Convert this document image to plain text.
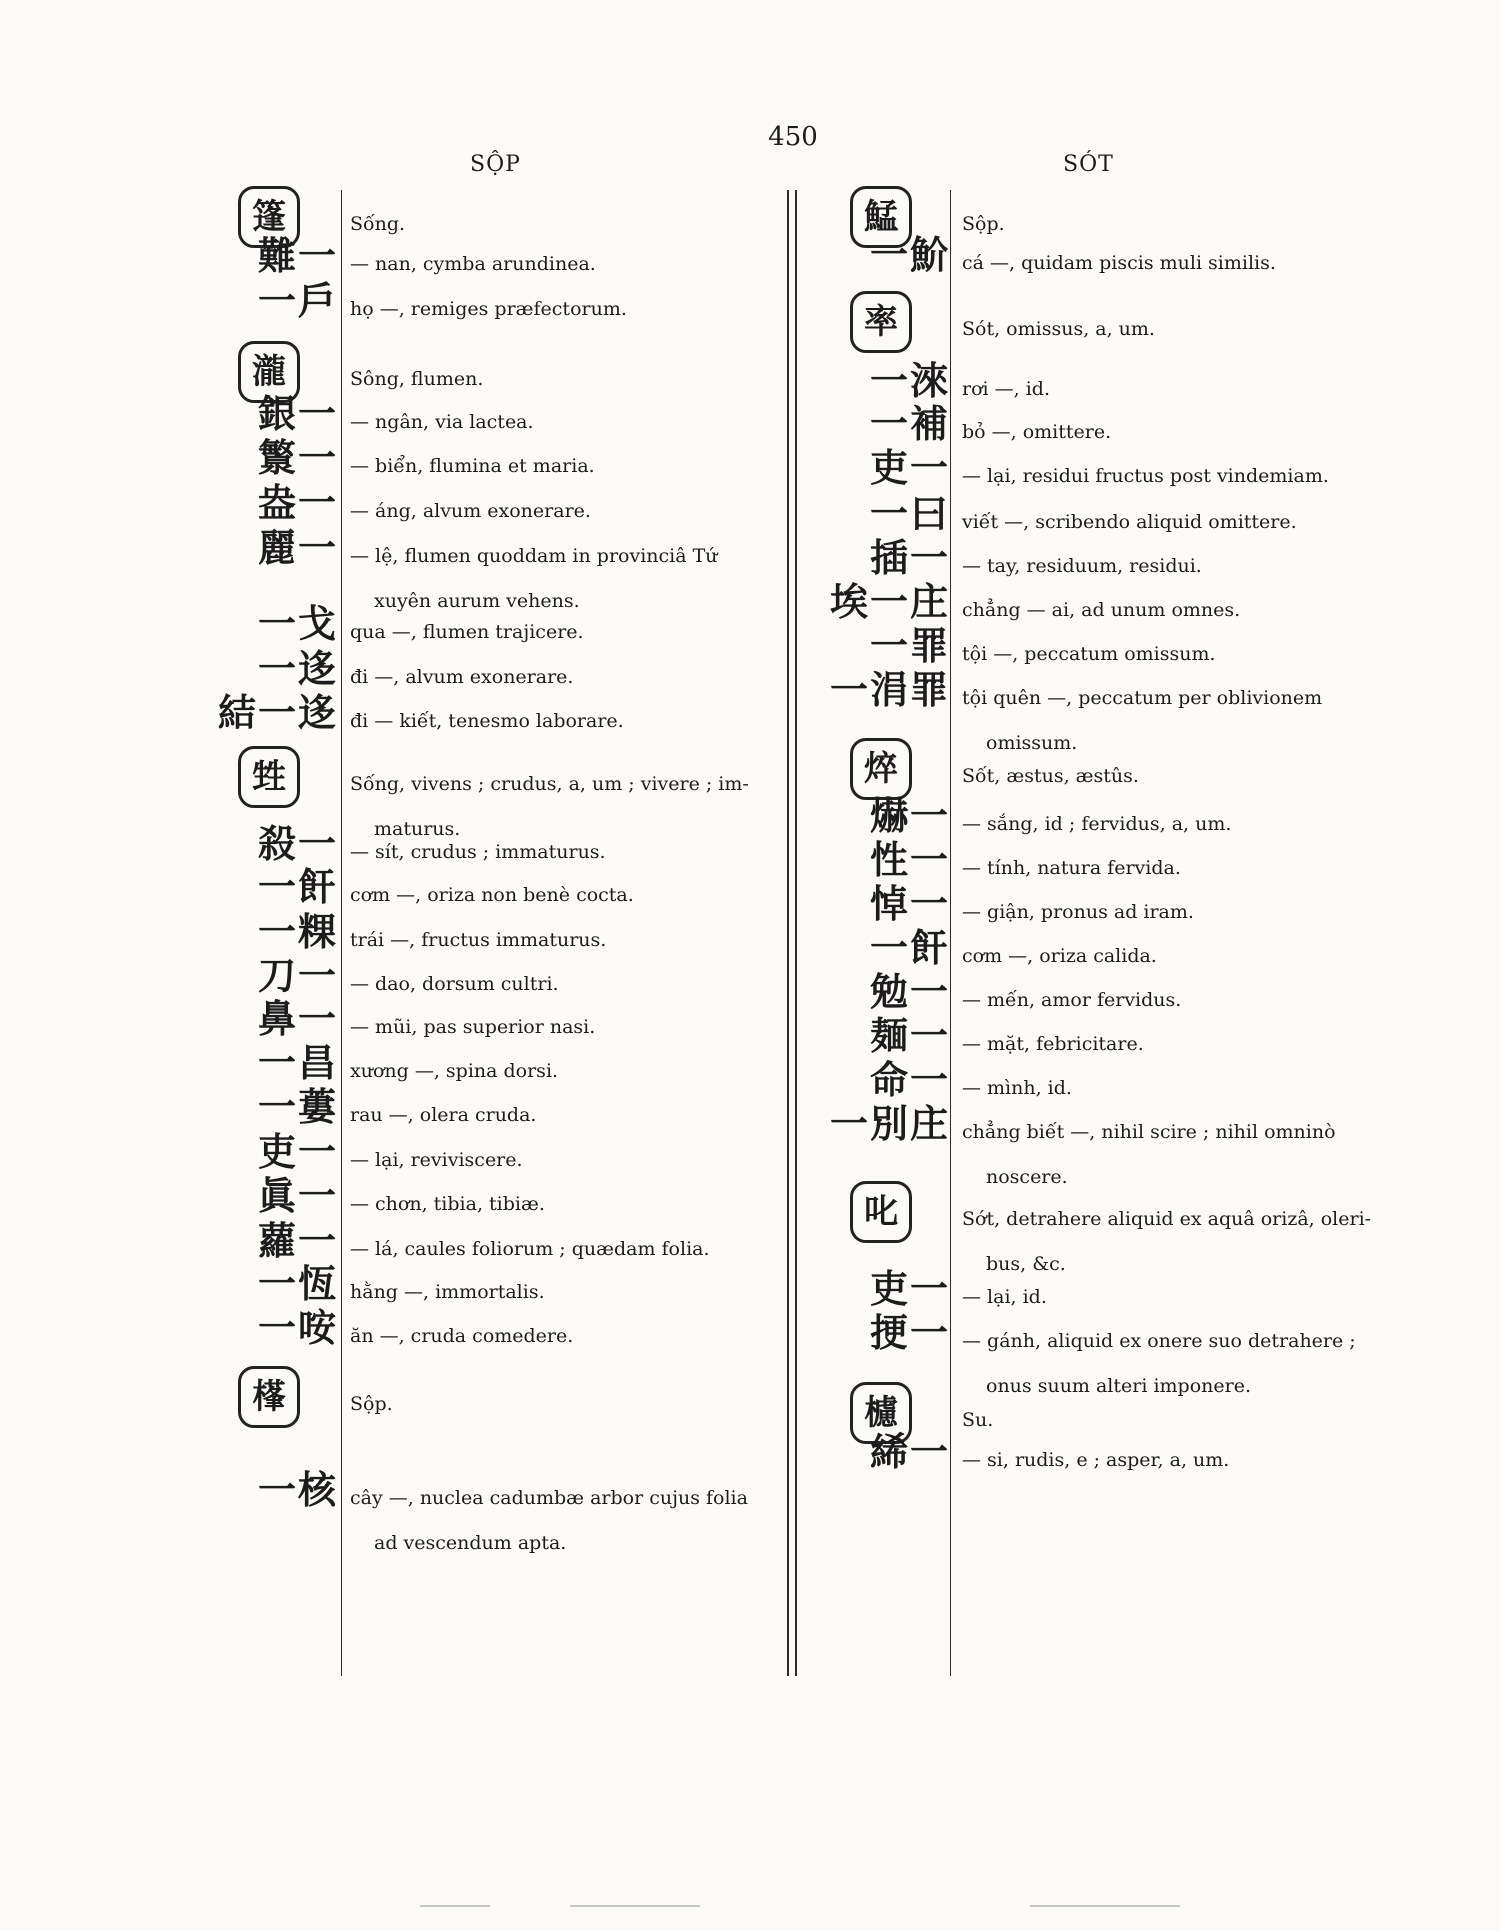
450
SỘP	SÓT
篷	Sống.
難一 — nan, cymba arundinea.
一戶 họ —, remiges præfectorum.
瀧	Sông, flumen.
銀一 — ngân, via lactea.
瀪一 — biển, flumina et maria.
盎一 — áng, alvum exonerare.
麗一 — lệ, flumen quoddam in provinciâ Tứ
xuyên aurum vehens.
一戈 qua —, flumen trajicere.
一迻 đi —, alvum exonerare.
結一迻 đi — kiết, tenesmo laborare.
甡	Sống, vivens ; crudus, a, um ; vivere ; im-
maturus.
殺一 — sít, crudus ; immaturus.
一飦 cơm —, oriza non benè cocta.
一粿 trái —, fructus immaturus.
刀一 — dao, dorsum cultri.
鼻一 — mũi, pas superior nasi.
一昌 xương —, spina dorsi.
一蔞 rau —, olera cruda.
吏一 — lại, reviviscere.
眞一 — chơn, tibia, tibiæ.
蘿一 — lá, caules foliorum ; quædam folia.
一恆 hằng —, immortalis.
一咹 ăn —, cruda comedere.
樥	Sộp.
一核 cây —, nuclea cadumbæ arbor cujus folia
ad vescendum apta.
鯭	Sộp.
一魪 cá —, quidam piscis muli similis.
率	Sót, omissus, a, um.
一淶 rơi —, id.
一補 bỏ —, omittere.
吏一 — lại, residui fructus post vindemiam.
一曰 viết —, scribendo aliquid omittere.
插一 — tay, residuum, residui.
埃一庄 chẳng — ai, ad unum omnes.
一罪 tội —, peccatum omissum.
一涓罪 tội quên —, peccatum per oblivionem
omissum.
焠	Sốt, æstus, æstûs.
爀一 — sắng, id ; fervidus, a, um.
性一 — tính, natura fervida.
悼一 — giận, pronus ad iram.
一飦 cơm —, oriza calida.
勉一 — mến, amor fervidus.
麺一 — mặt, febricitare.
命一 — mình, id.
一別庄 chẳng biết —, nihil scire ; nihil omninò
noscere.
叱	Sớt, detrahere aliquid ex aquâ orizâ, oleri-
bus, &c.
吏一 — lại, id.
挭一 — gánh, aliquid ex onere suo detrahere ;
onus suum alteri imponere.
櫖	Su.
絺一 — si, rudis, e ; asper, a, um.
